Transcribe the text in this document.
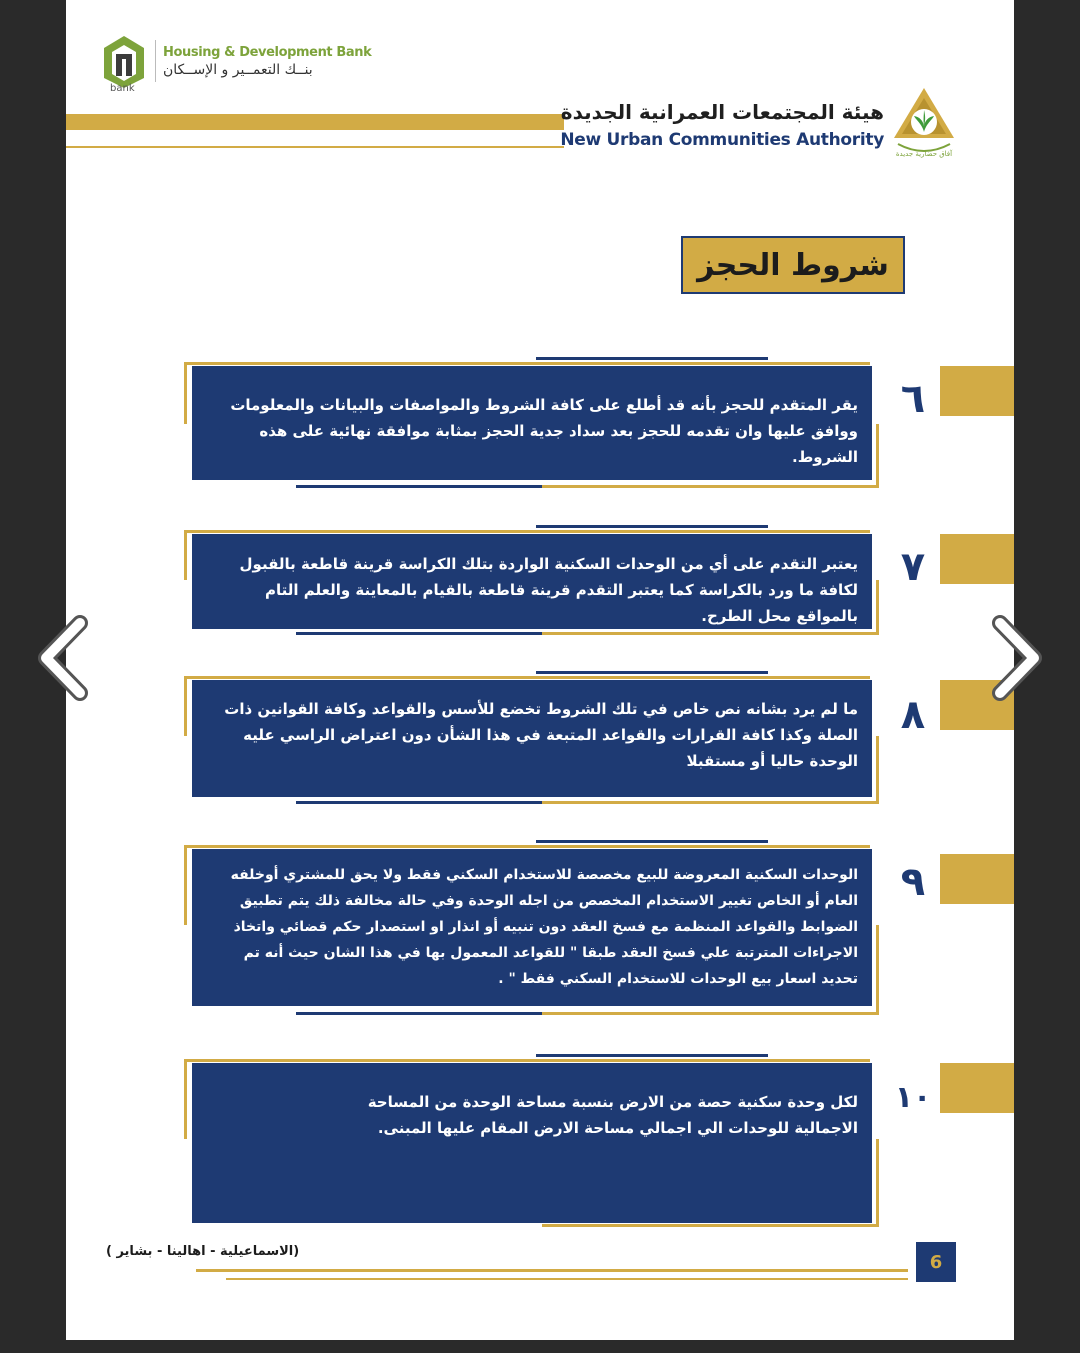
bank
Housing & Development Bank
بنــك التعمــير و الإســكان
هيئة المجتمعات العمرانية الجديدة
New Urban Communities Authority
آفاق حضارية جديدة
شروط الحجز
يقر المتقدم للحجز بأنه قد أطلع على كافة الشروط والمواصفات والبيانات والمعلومات ووافق عليها وان تقدمه للحجز بعد سداد جدية الحجز بمثابة موافقة نهائية على هذه الشروط.
٦
يعتبر التقدم على أي من الوحدات السكنية الواردة بتلك الكراسة قرينة قاطعة بالقبول لكافة ما ورد بالكراسة كما يعتبر التقدم قرينة قاطعة بالقيام بالمعاينة والعلم التام بالمواقع محل الطرح.
٧
ما لم يرد بشانه نص خاص في تلك الشروط تخضع للأسس والقواعد وكافة القوانين ذات الصلة وكذا كافة القرارات والقواعد المتبعة في هذا الشأن دون اعتراض الراسي عليه الوحدة حاليا أو مستقبلا
٨
الوحدات السكنية المعروضة للبيع مخصصة للاستخدام السكني فقط ولا يحق للمشتري أوخلفه العام أو الخاص تغيير الاستخدام المخصص من اجله الوحدة وفي حالة مخالفة ذلك يتم تطبيق الضوابط والقواعد المنظمة مع فسخ العقد دون تنبيه أو انذار او استصدار حكم قضائي واتخاذ الاجراءات المترتبة علي فسخ العقد طبقا " للقواعد المعمول بها في هذا الشان حيث أنه تم تحديد اسعار بيع الوحدات للاستخدام السكني فقط " .
٩
لكل وحدة سكنية حصة من الارض بنسبة مساحة الوحدة من المساحة الاجمالية للوحدات الي اجمالي مساحة الارض المقام عليها المبنى.
١٠
(الاسماعيلية - اهالينا - بشاير )	6
